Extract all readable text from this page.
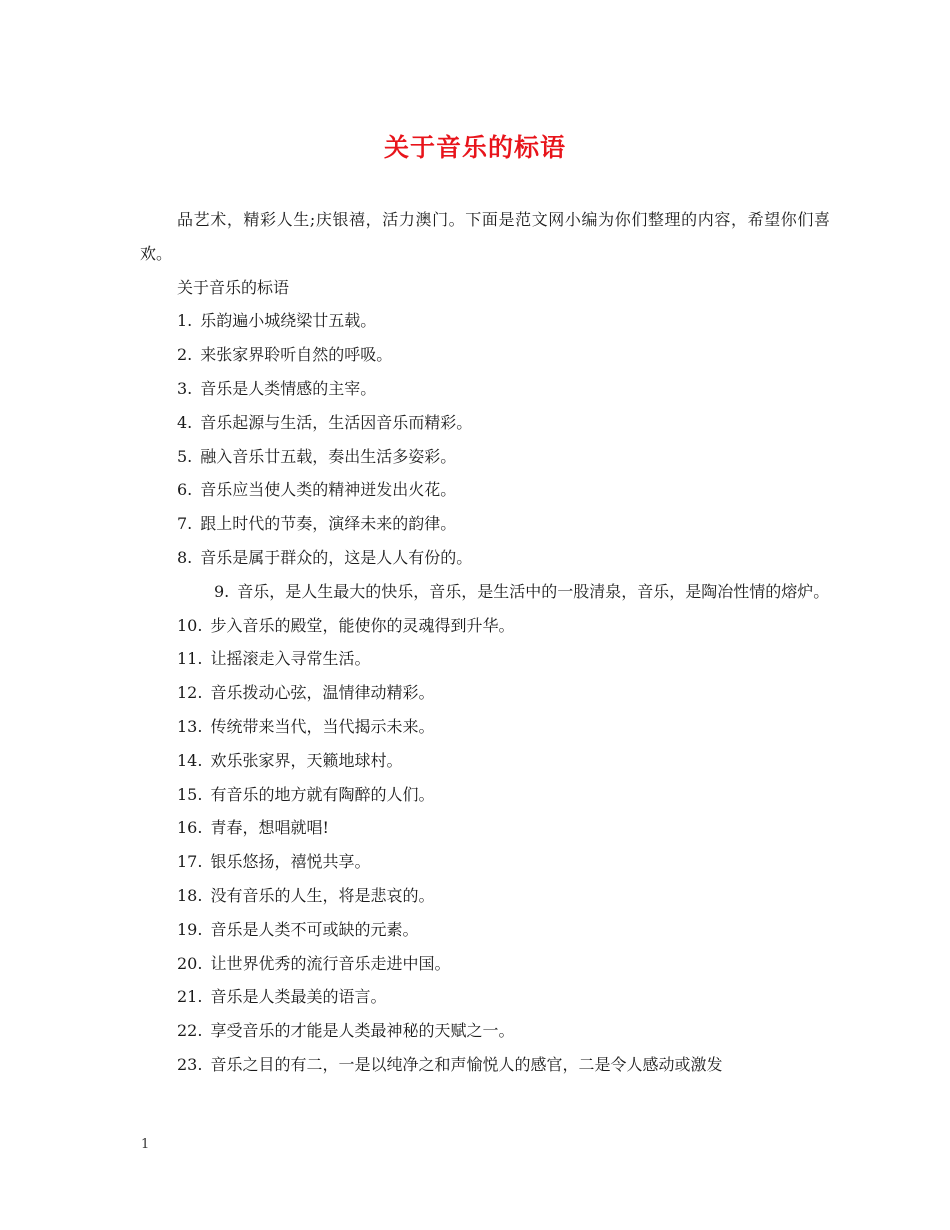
关于音乐的标语

品艺术，精彩人生;庆银禧，活力澳门。下面是范文网小编为你们整理的内容，希望你们喜欢。

关于音乐的标语

1. 乐韵遍小城绕梁廿五载。

2. 来张家界聆听自然的呼吸。

3. 音乐是人类情感的主宰。

4. 音乐起源与生活，生活因音乐而精彩。

5. 融入音乐廿五载，奏出生活多姿彩。

6. 音乐应当使人类的精神迸发出火花。

7. 跟上时代的节奏，演绎未来的韵律。

8. 音乐是属于群众的，这是人人有份的。

9. 音乐，是人生最大的快乐，音乐，是生活中的一股清泉，音乐，是陶冶性情的熔炉。

10. 步入音乐的殿堂，能使你的灵魂得到升华。

11. 让摇滚走入寻常生活。

12. 音乐拨动心弦，温情律动精彩。

13. 传统带来当代，当代揭示未来。

14. 欢乐张家界，天籁地球村。

15. 有音乐的地方就有陶醉的人们。

16. 青春，想唱就唱!

17. 银乐悠扬，禧悦共享。

18. 没有音乐的人生，将是悲哀的。

19. 音乐是人类不可或缺的元素。

20. 让世界优秀的流行音乐走进中国。

21. 音乐是人类最美的语言。

22. 享受音乐的才能是人类最神秘的天赋之一。

23. 音乐之目的有二，一是以纯净之和声愉悦人的感官，二是令人感动或激发

1
